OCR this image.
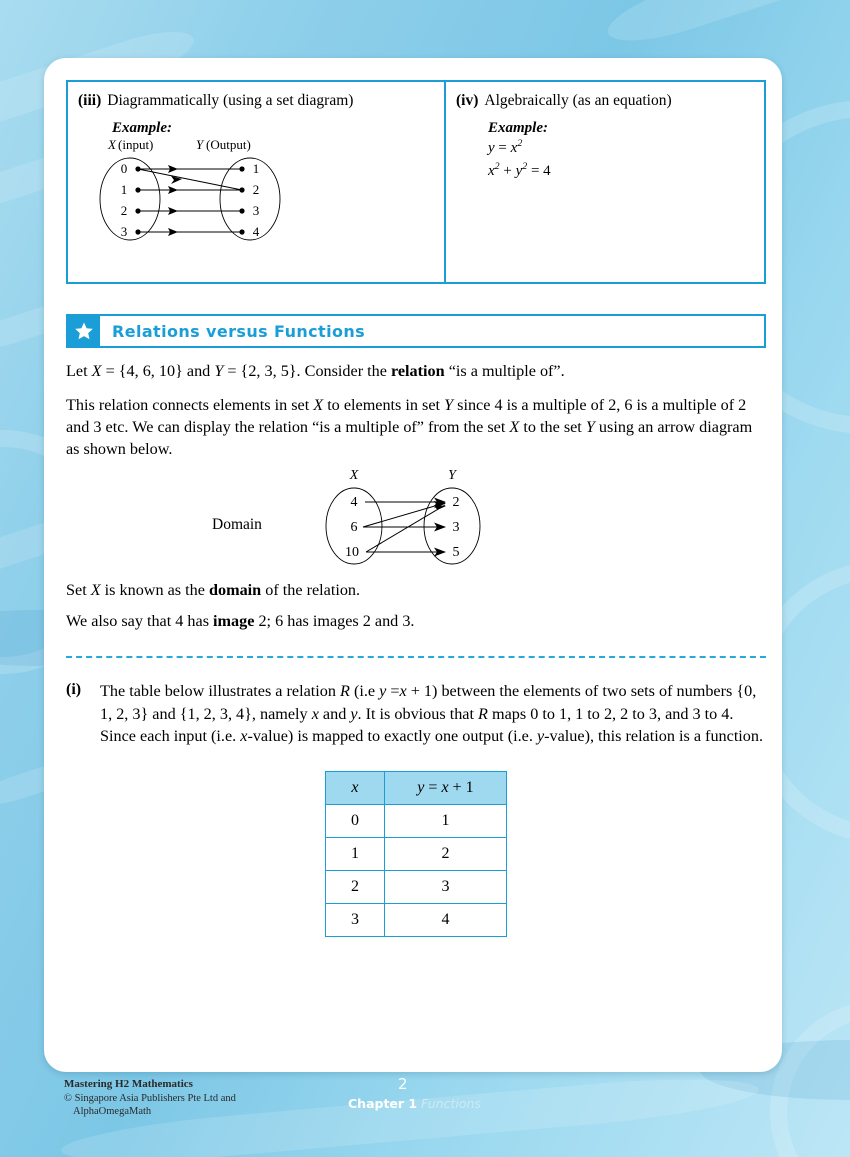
(iii) Diagrammatically (using a set diagram)
Example:
X (input)	Y (Output)
0
1
2
3
1
2
3
4
(iv) Algebraically (as an equation)
Example:
$y = x^2$
$x^2 + y^2 = 4$
Relations versus Functions

Let X = {4, 6, 10} and Y = {2, 3, 5}. Consider the relation “is a multiple of”.

This relation connects elements in set X to elements in set Y since 4 is a multiple of 2, 6 is a multiple of 2 and 3 etc. We can display the relation “is a multiple of” from the set X to the set Y using an arrow diagram as shown below.

Domain
X	Y
4
6
10
2
3
5

Set X is known as the domain of the relation.

We also say that 4 has image 2; 6 has images 2 and 3.

(i)	The table below illustrates a relation R (i.e y =x + 1) between the elements of two sets of numbers {0, 1, 2, 3} and {1, 2, 3, 4}, namely x and y. It is obvious that R maps 0 to 1, 1 to 2, 2 to 3, and 3 to 4. Since each input (i.e. x-value) is mapped to exactly one output (i.e. y-value), this relation is a function.
x	y = x + 1
0	1
1	2
2	3
3	4
Mastering H2 Mathematics
© Singapore Asia Publishers Pte Ltd and
AlphaOmegaMath
2
Chapter 1 Functions
